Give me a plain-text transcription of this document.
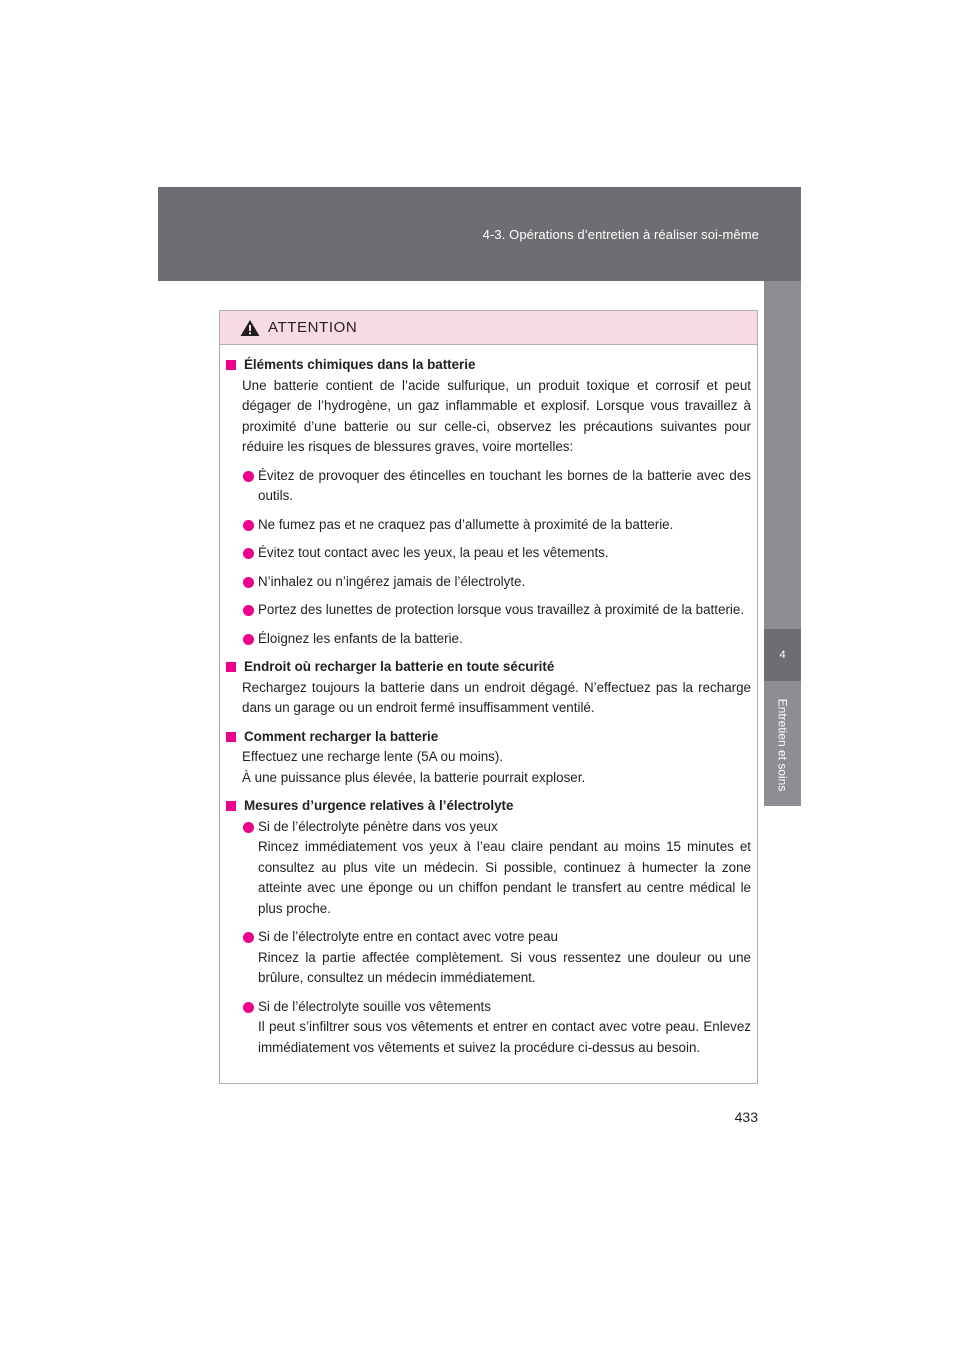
4-3. Opérations d’entretien à réaliser soi-même
4
Entretien et soins
ATTENTION
Éléments chimiques dans la batterie
Une batterie contient de l’acide sulfurique, un produit toxique et corrosif et peut dégager de l’hydrogène, un gaz inflammable et explosif. Lorsque vous travaillez à proximité d’une batterie ou sur celle-ci, observez les précautions suivantes pour réduire les risques de blessures graves, voire mortelles:
Évitez de provoquer des étincelles en touchant les bornes de la batterie avec des outils.
Ne fumez pas et ne craquez pas d’allumette à proximité de la batterie.
Évitez tout contact avec les yeux, la peau et les vêtements.
N’inhalez ou n’ingérez jamais de l’électrolyte.
Portez des lunettes de protection lorsque vous travaillez à proximité de la batterie.
Éloignez les enfants de la batterie.
Endroit où recharger la batterie en toute sécurité
Rechargez toujours la batterie dans un endroit dégagé. N’effectuez pas la recharge dans un garage ou un endroit fermé insuffisamment ventilé.
Comment recharger la batterie
Effectuez une recharge lente (5A ou moins).
À une puissance plus élevée, la batterie pourrait exploser.
Mesures d’urgence relatives à l’électrolyte
Si de l’électrolyte pénètre dans vos yeux
Rincez immédiatement vos yeux à l’eau claire pendant au moins 15 minutes et consultez au plus vite un médecin. Si possible, continuez à humecter la zone atteinte avec une éponge ou un chiffon pendant le transfert au centre médical le plus proche.
Si de l’électrolyte entre en contact avec votre peau
Rincez la partie affectée complètement. Si vous ressentez une douleur ou une brûlure, consultez un médecin immédiatement.
Si de l’électrolyte souille vos vêtements
Il peut s’infiltrer sous vos vêtements et entrer en contact avec votre peau. Enlevez immédiatement vos vêtements et suivez la procédure ci-dessus au besoin.
433
